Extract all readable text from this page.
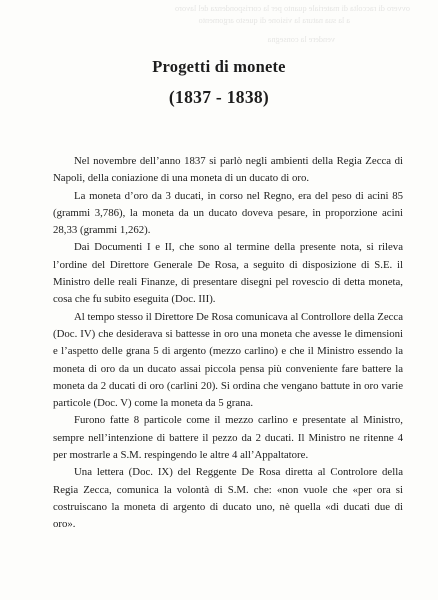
ovvero di raccolta di materiale quanto per la corrispondenza del lavoro
a la sua natura la visione di questo argomento
vendere la consegna
Progetti di monete
(1837 - 1838)

Nel novembre dell’anno 1837 si parlò negli ambienti della Regia Zecca di Napoli, della coniazione di una moneta di un ducato di oro.

La moneta d’oro da 3 ducati, in corso nel Regno, era del peso di acini 85 (grammi 3,786), la moneta da un ducato doveva pesare, in proporzione acini 28,33 (grammi 1,262).

Dai Documenti I e II, che sono al termine della presente nota, si rileva l’ordine del Direttore Generale De Rosa, a seguito di disposizione di S.E. il Ministro delle reali Finanze, di presentare disegni pel rovescio di detta moneta, cosa che fu subito eseguita (Doc. III).

Al tempo stesso il Direttore De Rosa comunicava al Controllore della Zecca (Doc. IV) che desiderava si battesse in oro una moneta che avesse le dimensioni e l’aspetto delle grana 5 di argento (mezzo carlino) e che il Ministro essendo la moneta di oro da un ducato assai piccola pensa più conveniente fare battere la moneta da 2 ducati di oro (carlini 20). Si ordina che vengano battute in oro varie particole (Doc. V) come la moneta da 5 grana.

Furono fatte 8 particole come il mezzo carlino e presentate al Ministro, sempre nell’intenzione di battere il pezzo da 2 ducati. Il Ministro ne ritenne 4 per mostrarle a S.M. respingendo le altre 4 all’Appaltatore.

Una lettera (Doc. IX) del Reggente De Rosa diretta al Controlore della Regia Zecca, comunica la volontà di S.M. che: «non vuole che «per ora si costruiscano la moneta di argento di ducato uno, nè quella «di ducati due di oro».
